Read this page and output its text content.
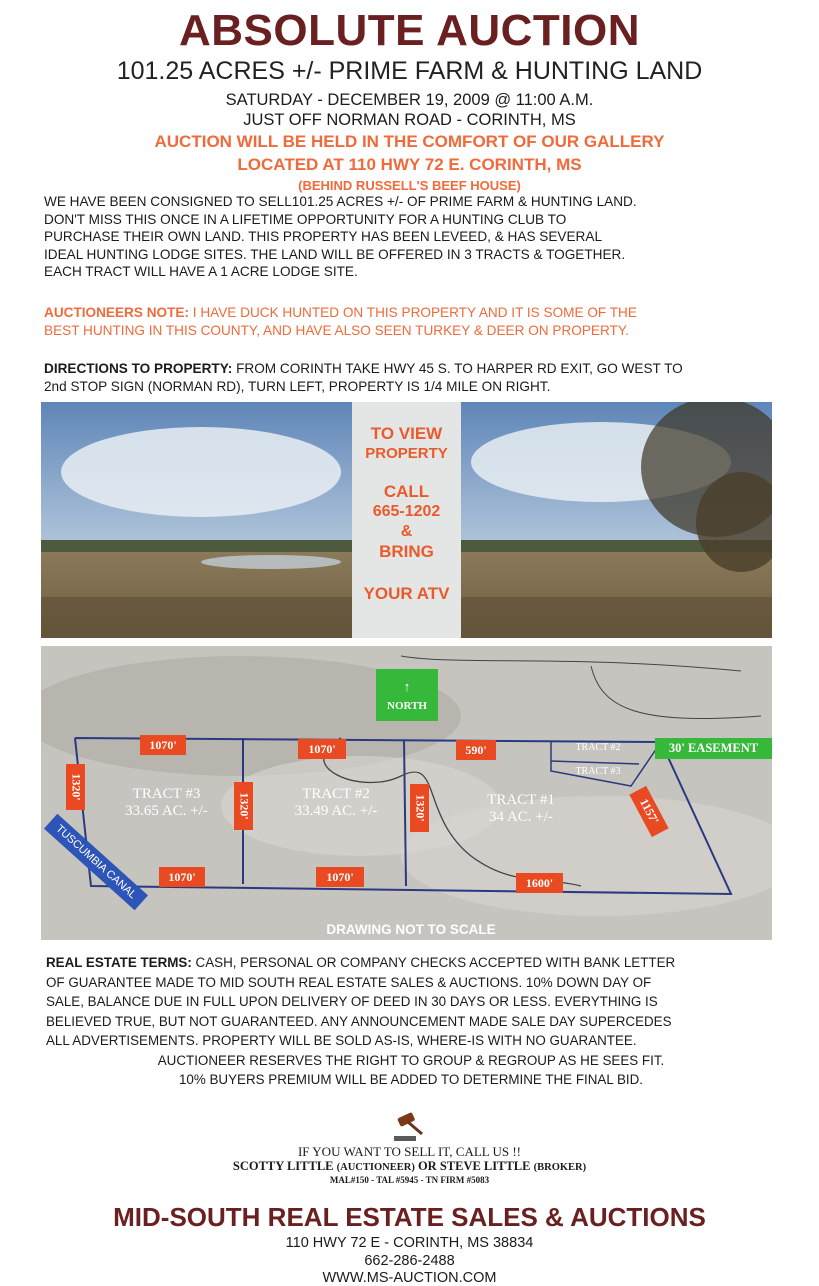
ABSOLUTE AUCTION
101.25 ACRES +/- PRIME FARM & HUNTING LAND
SATURDAY - DECEMBER 19, 2009 @ 11:00 A.M.
JUST OFF NORMAN ROAD - CORINTH, MS
AUCTION WILL BE HELD IN THE COMFORT OF OUR GALLERY
LOCATED AT 110 HWY 72 E. CORINTH, MS
(BEHIND RUSSELL'S BEEF HOUSE)
WE HAVE BEEN CONSIGNED TO SELL101.25 ACRES +/- OF PRIME FARM & HUNTING LAND.
DON'T MISS THIS ONCE IN A LIFETIME OPPORTUNITY FOR A HUNTING CLUB TO
PURCHASE THEIR OWN LAND. THIS PROPERTY HAS BEEN LEVEED, & HAS SEVERAL
IDEAL HUNTING LODGE SITES. THE LAND WILL BE OFFERED IN 3 TRACTS & TOGETHER.
EACH TRACT WILL HAVE A 1 ACRE LODGE SITE.
AUCTIONEERS NOTE: I HAVE DUCK HUNTED ON THIS PROPERTY AND IT IS SOME OF THE
BEST HUNTING IN THIS COUNTY, AND HAVE ALSO SEEN TURKEY & DEER ON PROPERTY.
DIRECTIONS TO PROPERTY: FROM CORINTH TAKE HWY 45 S. TO HARPER RD EXIT, GO WEST TO
2nd STOP SIGN (NORMAN RD), TURN LEFT, PROPERTY IS 1/4 MILE ON RIGHT.
TO VIEW
PROPERTY
CALL
665-1202
&
BRING
YOUR ATV
↑
NORTH
30' EASEMENT
1070'	1070'	590'
1320'
1320'	1320'	1157'
1070'	1070'	1600'
TRACT #3
33.65 AC. +/-
TRACT #2
33.49 AC. +/-
TRACT #1
34 AC. +/-
TRACT #2
TRACT #3
TUSCUMBIA CANAL
DRAWING NOT TO SCALE
REAL ESTATE TERMS: CASH, PERSONAL OR COMPANY CHECKS ACCEPTED WITH BANK LETTER
OF GUARANTEE MADE TO MID SOUTH REAL ESTATE SALES & AUCTIONS. 10% DOWN DAY OF
SALE, BALANCE DUE IN FULL UPON DELIVERY OF DEED IN 30 DAYS OR LESS. EVERYTHING IS
BELIEVED TRUE, BUT NOT GUARANTEED. ANY ANNOUNCEMENT MADE SALE DAY SUPERCEDES
ALL ADVERTISEMENTS. PROPERTY WILL BE SOLD AS-IS, WHERE-IS WITH NO GUARANTEE.
AUCTIONEER RESERVES THE RIGHT TO GROUP & REGROUP AS HE SEES FIT.
10% BUYERS PREMIUM WILL BE ADDED TO DETERMINE THE FINAL BID.
IF YOU WANT TO SELL IT, CALL US !!
SCOTTY LITTLE (AUCTIONEER) OR STEVE LITTLE (BROKER)
MAL#150 - TAL #5945 - TN FIRM #5083
MID-SOUTH REAL ESTATE SALES & AUCTIONS
110 HWY 72 E - CORINTH, MS 38834
662-286-2488
WWW.MS-AUCTION.COM
